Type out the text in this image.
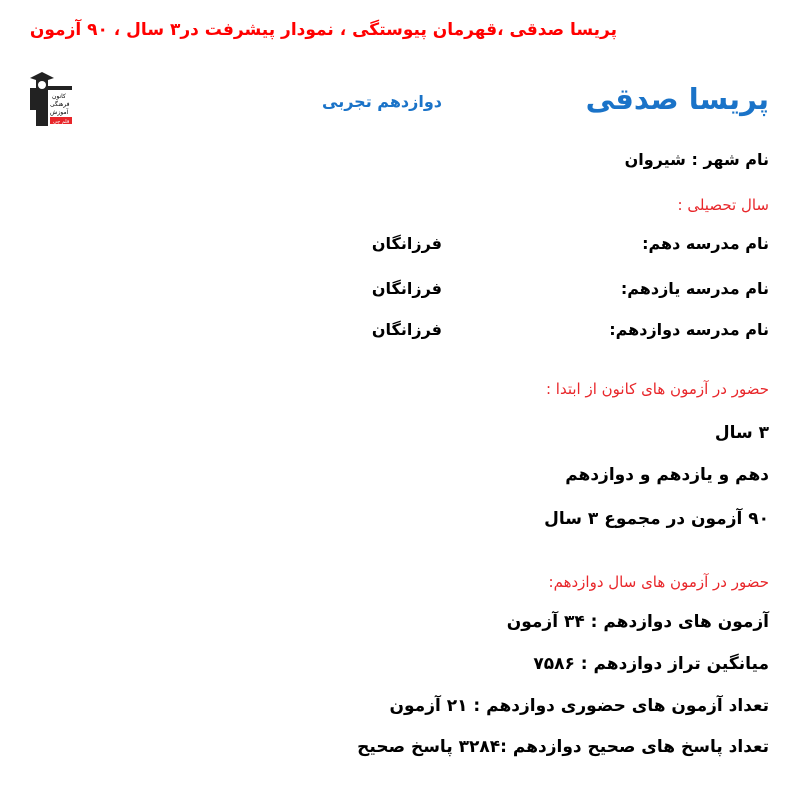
پریسا صدقی ،قهرمان پیوستگی ، نمودار پیشرفت در۳ سال ، ۹۰ آزمون
کانون
فرهنگی
آموزش
قلم چی
پریسا صدقی
دوازدهم تجربی
نام شهر : شیروان
سال تحصیلی :
نام مدرسه دهم:
فرزانگان
نام مدرسه یازدهم:
فرزانگان
نام مدرسه دوازدهم:
فرزانگان
حضور در آزمون های کانون از ابتدا :
۳ سال
دهم و یازدهم و دوازدهم
۹۰ آزمون در مجموع ۳ سال
حضور در آزمون های سال دوازدهم:
آزمون های دوازدهم : ۳۴ آزمون
میانگین تراز دوازدهم : ۷۵۸۶
تعداد آزمون های حضوری دوازدهم : ۲۱ آزمون
تعداد پاسخ های صحیح دوازدهم :۳۲۸۴ پاسخ صحیح
